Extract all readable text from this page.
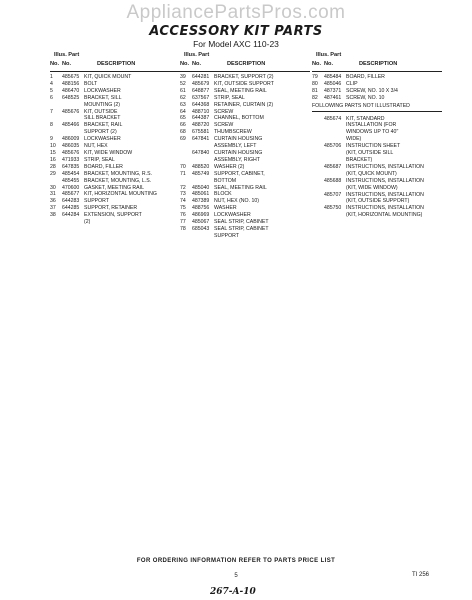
AppliancePartsPros.com
ACCESSORY KIT PARTS
For Model AXC 110-23
Illus. Part
No. No.	DESCRIPTION
1	485675 KIT, QUICK MOUNT
4	488156 BOLT
5	486470 LOCKWASHER
6	648525 BRACKET, SILL
MOUNTING (2)
7	485676 KIT, OUTSIDE
SILL BRACKET
8	485466 BRACKET, RAIL
SUPPORT (2)
9	486009 LOCKWASHER
10	486035 NUT, HEX
15	485676 KIT, WIDE WINDOW
16	471933 STRIP, SEAL
28	647835 BOARD, FILLER
29	485454 BRACKET, MOUNTING, R.S.
485455 BRACKET, MOUNTING, L.S.
30	470600 GASKET, MEETING RAIL
31	485677 KIT, HORIZONTAL MOUNTING
36	644283 SUPPORT
37	644285 SUPPORT, RETAINER
38	644284 EXTENSION, SUPPORT
(2)
Illus. Part
No. No.	DESCRIPTION
39	644281 BRACKET, SUPPORT (2)
52	485679 KIT, OUTSIDE SUPPORT
61	648877 SEAL, MEETING RAIL
62	637567 STRIP, SEAL
63	644368 RETAINER, CURTAIN (2)
64	488710 SCREW
65	644387 CHANNEL, BOTTOM
66	488720 SCREW
68	675581 THUMBSCREW
69	647841 CURTAIN HOUSING
ASSEMBLY, LEFT
647840 CURTAIN HOUSING
ASSEMBLY, RIGHT
70	488520 WASHER (2)
71	485749 SUPPORT, CABINET,
BOTTOM
72	485040 SEAL, MEETING RAIL
73	485061 BLOCK
74	487389 NUT, HEX (NO. 10)
75	488756 WASHER
76	486969 LOCKWASHER
77	485067 SEAL STRIP, CABINET
78	685043 SEAL STRIP, CABINET
SUPPORT
Illus. Part
No. No.	DESCRIPTION
79	485484 BOARD, FILLER
80	485046 CLIP
81	487371 SCREW, NO. 10 X 3/4
82	487461 SCREW, NO. 10
FOLLOWING PARTS NOT ILLUSTRATED
485674 KIT, STANDARD
INSTALLATION (FOR
WINDOWS UP TO 40"
WIDE)
485706 INSTRUCTION SHEET
(KIT, OUTSIDE SILL
BRACKET)
485687 INSTRUCTIONS, INSTALLATION
(KIT, QUICK MOUNT)
485688 INSTRUCTIONS, INSTALLATION
(KIT, WIDE WINDOW)
485707 INSTRUCTIONS, INSTALLATION
(KIT, OUTSIDE SUPPORT)
485750 INSTRUCTIONS, INSTALLATION
(KIT, HORIZONTAL MOUNTING)
FOR ORDERING INFORMATION REFER TO PARTS PRICE LIST
5	TI 256
267-A-10
